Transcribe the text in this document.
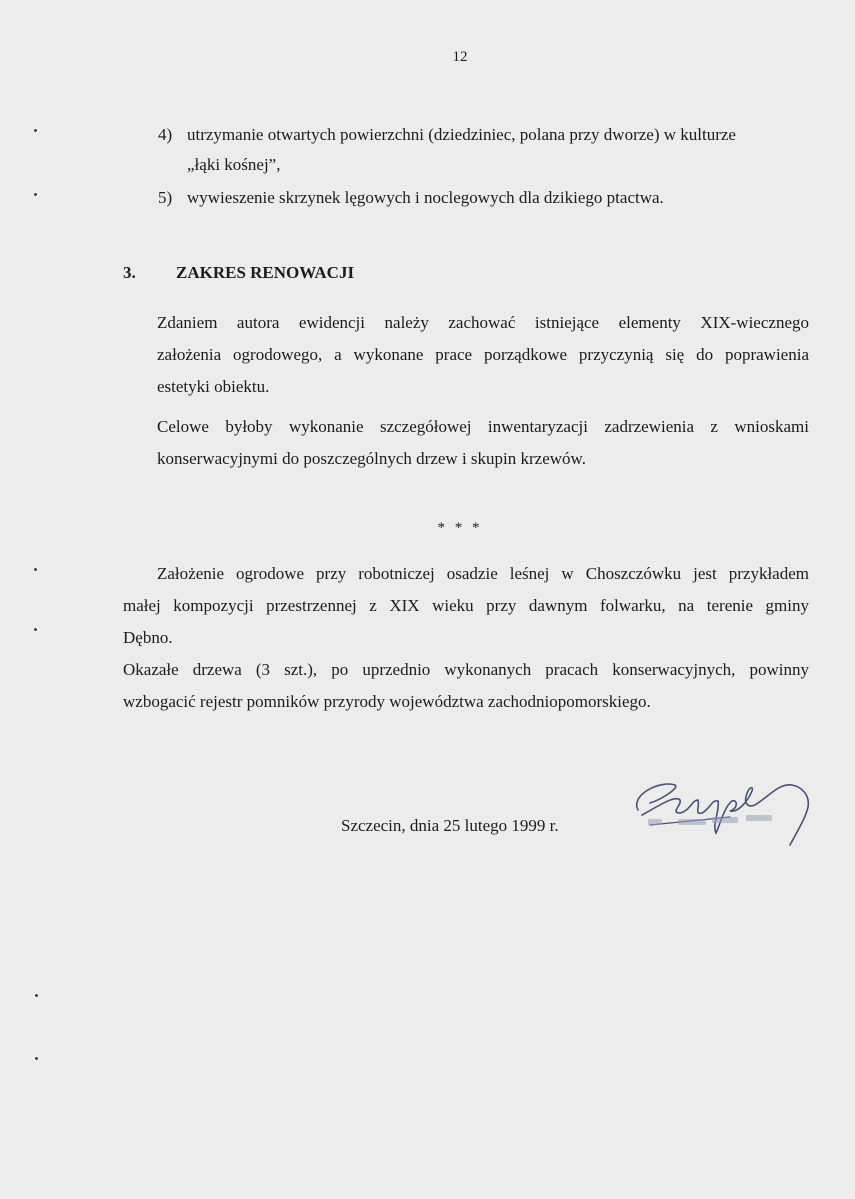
12
4) utrzymanie otwartych powierzchni (dziedziniec, polana przy dworze) w kulturze
„łąki kośnej”,
5) wywieszenie skrzynek lęgowych i noclegowych dla dzikiego ptactwa.
3. ZAKRES RENOWACJI
Zdaniem autora ewidencji należy zachować istniejące elementy XIX-wiecznego
założenia ogrodowego, a wykonane prace porządkowe przyczynią się do poprawienia
estetyki obiektu.
Celowe byłoby wykonanie szczegółowej inwentaryzacji zadrzewienia z wnioskami
konserwacyjnymi do poszczególnych drzew i skupin krzewów.
* * *
Założenie ogrodowe przy robotniczej osadzie leśnej w Choszczówku jest przykładem
małej kompozycji przestrzennej z XIX wieku przy dawnym folwarku, na terenie gminy
Dębno.
Okazałe drzewa (3 szt.), po uprzednio wykonanych pracach konserwacyjnych, powinny
wzbogacić rejestr pomników przyrody województwa zachodniopomorskiego.
Szczecin, dnia 25 lutego 1999 r.
